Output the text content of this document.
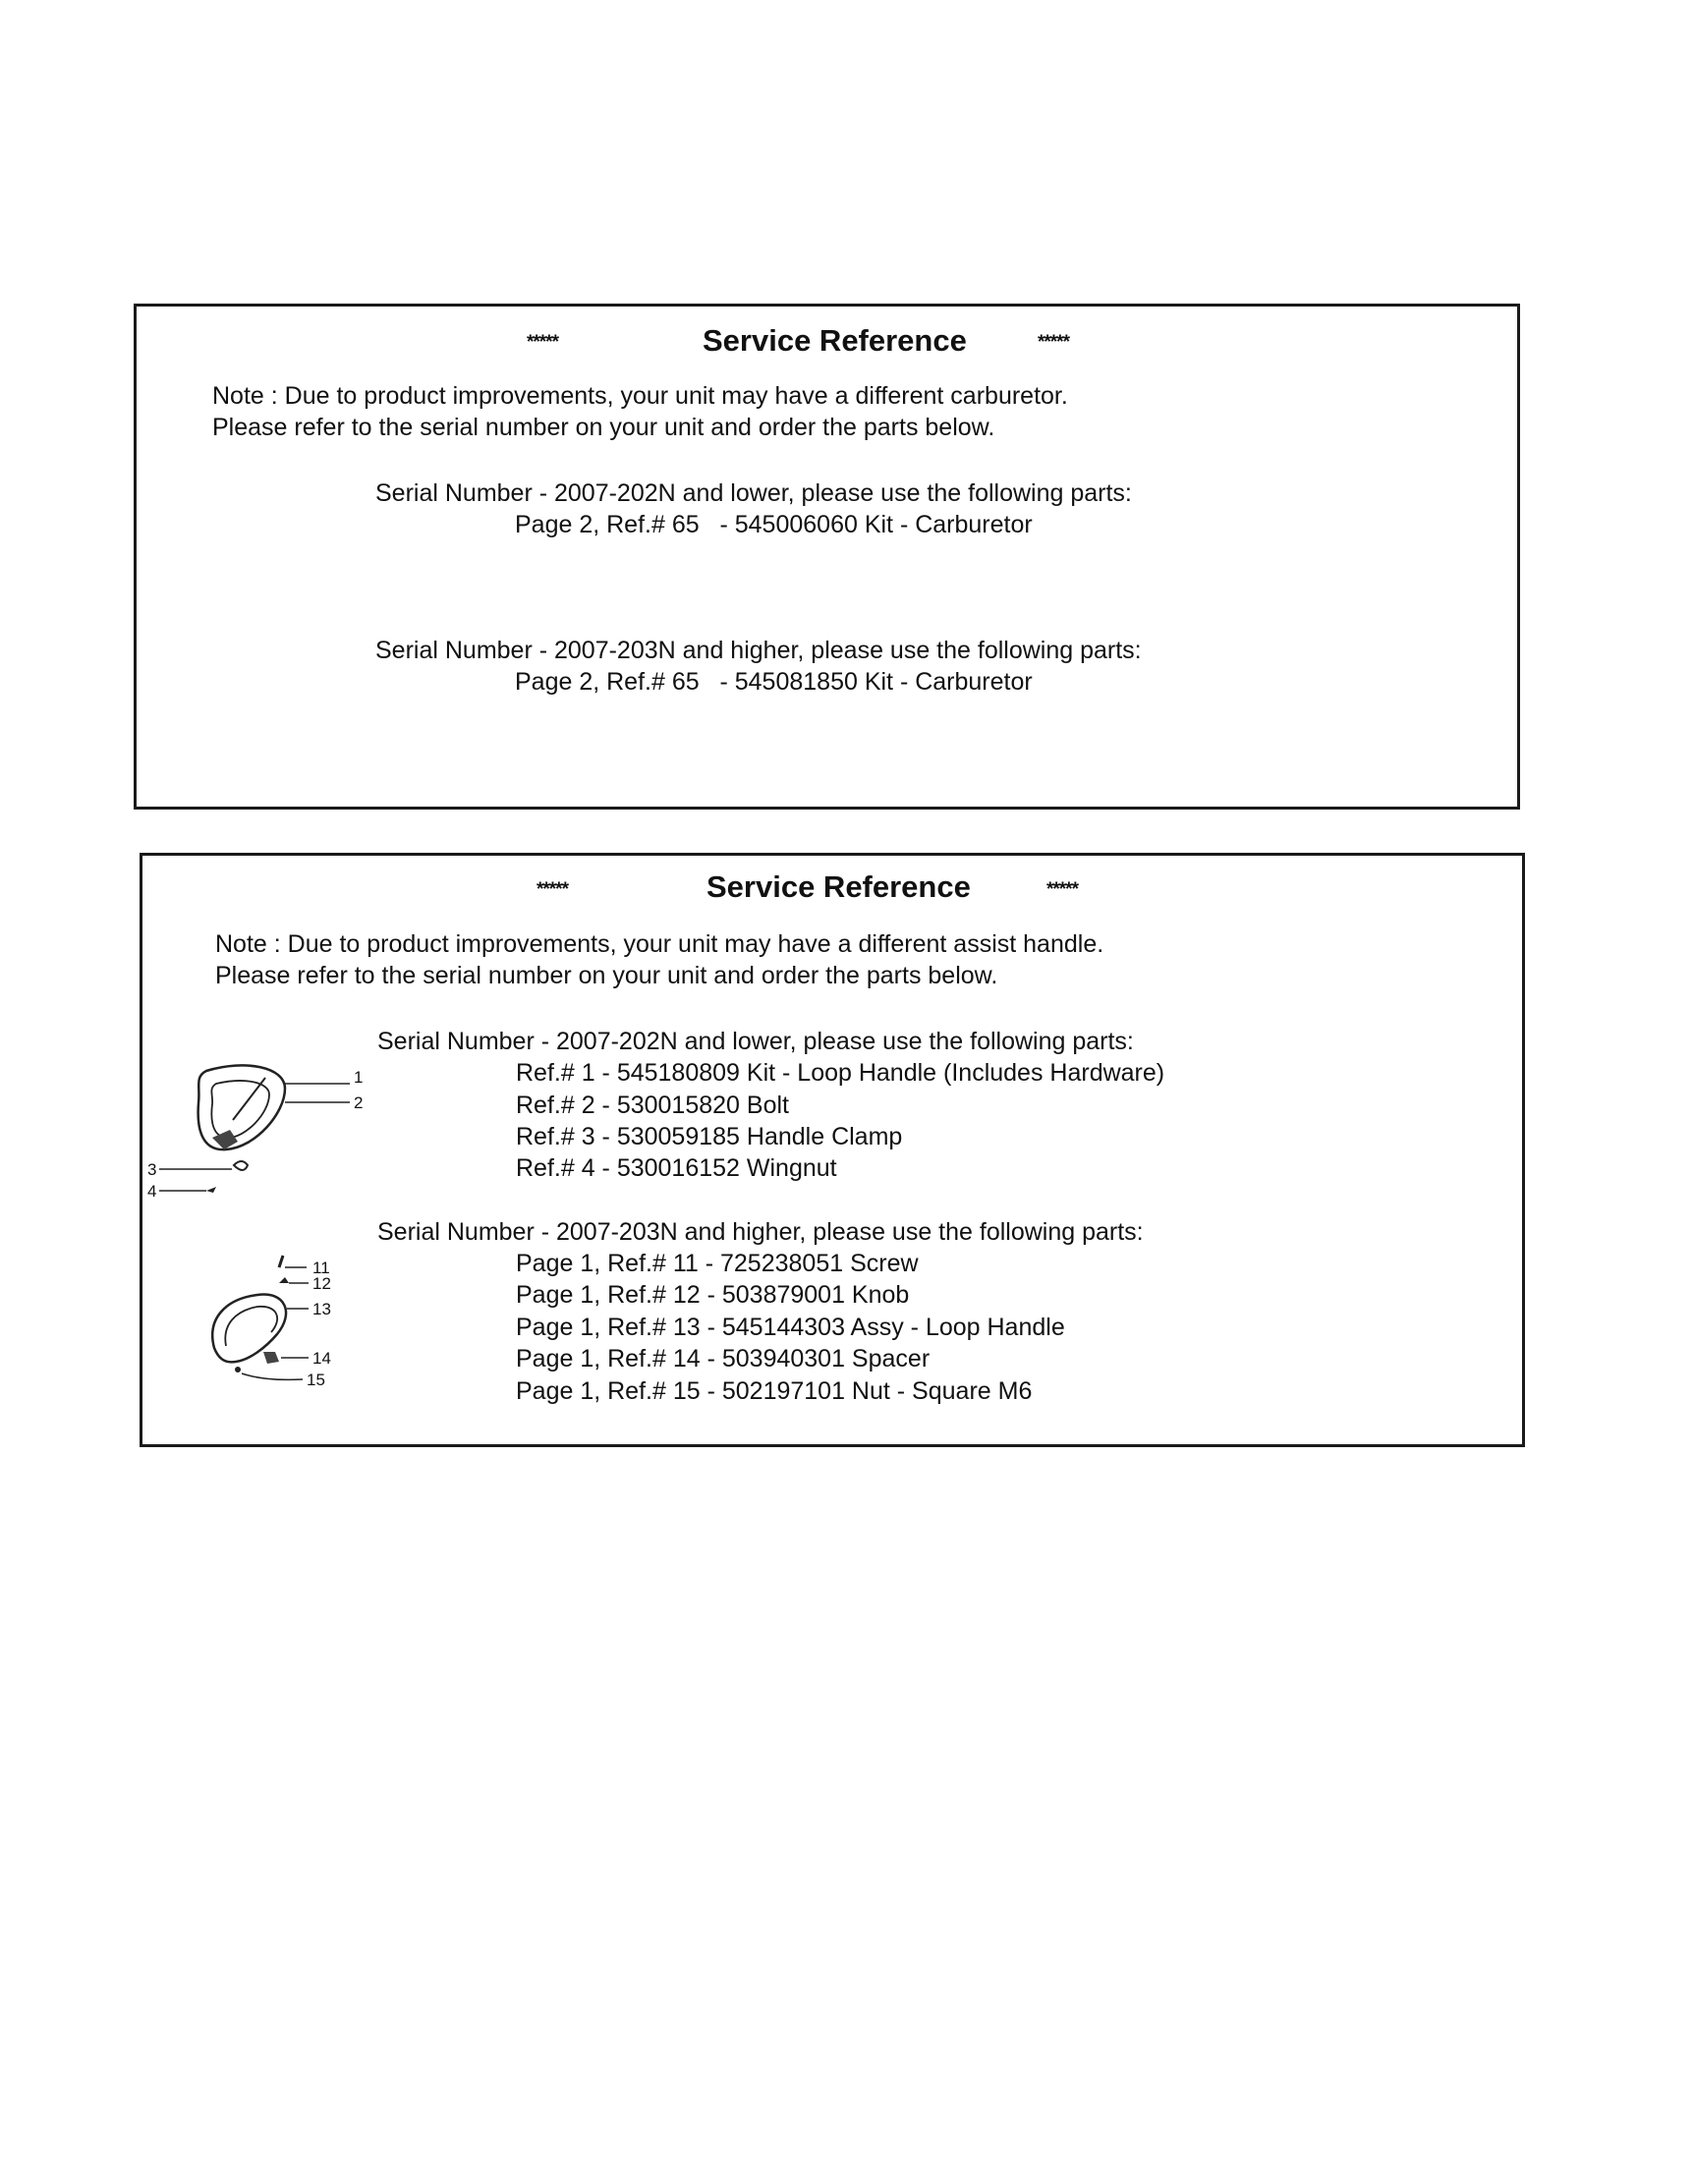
*****	Service Reference	*****
Note : Due to product improvements, your unit may have a different carburetor.
Please refer to the serial number on your unit and order the parts below.
Serial Number - 2007-202N and lower, please use the following parts:
Page 2, Ref.# 65   - 545006060 Kit - Carburetor
Serial Number - 2007-203N and higher, please use the following parts:
Page 2, Ref.# 65   - 545081850 Kit - Carburetor
*****	Service Reference	*****
Note : Due to product improvements, your unit may have a different assist handle.
Please refer to the serial number on your unit and order the parts below.
Serial Number - 2007-202N and lower, please use the following parts:
Ref.# 1 - 545180809 Kit - Loop Handle (Includes Hardware)
Ref.# 2 - 530015820 Bolt
Ref.# 3 - 530059185 Handle Clamp
Ref.# 4 - 530016152 Wingnut
Serial Number - 2007-203N and higher, please use the following parts:
Page 1, Ref.# 11 - 725238051 Screw
Page 1, Ref.# 12 - 503879001 Knob
Page 1, Ref.# 13 - 545144303 Assy - Loop Handle
Page 1, Ref.# 14 - 503940301 Spacer
Page 1, Ref.# 15 - 502197101 Nut - Square M6
1
2
3
4
11
12
13
14
15
